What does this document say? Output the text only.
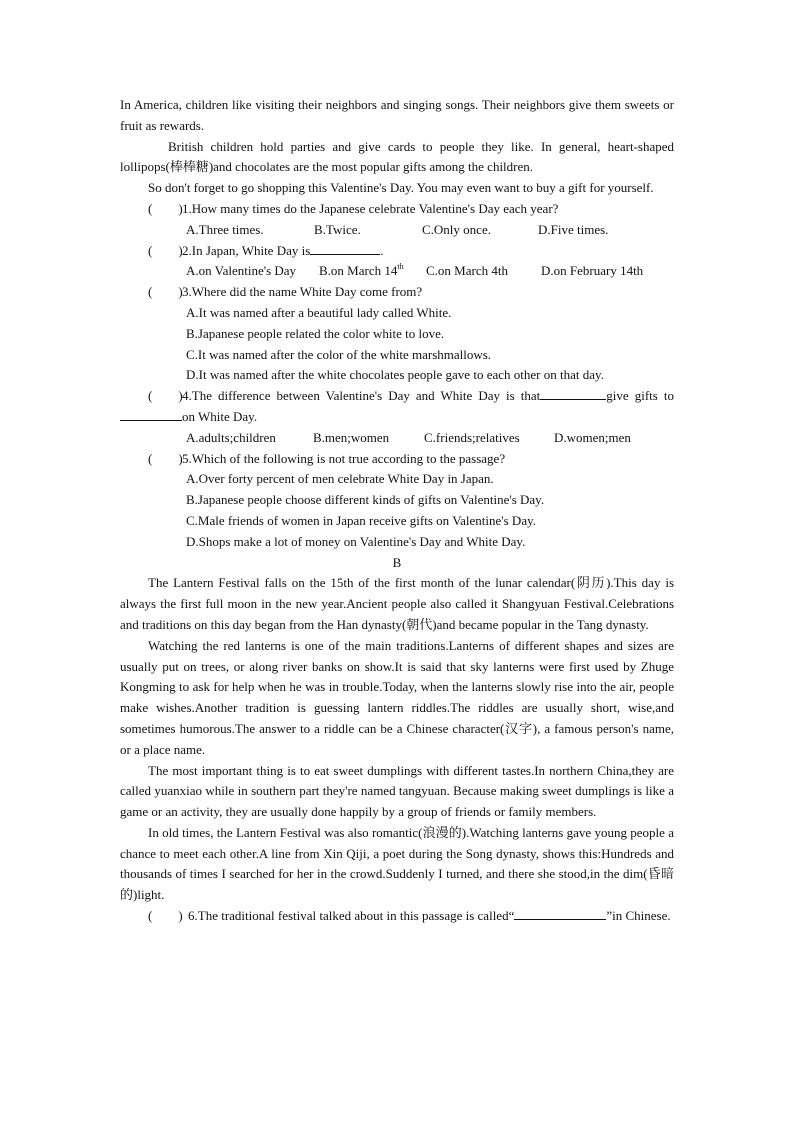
In America, children like visiting their neighbors and singing songs. Their neighbors give them sweets or fruit as rewards.

British children hold parties and give cards to people they like. In general, heart-shaped lollipops(棒棒糖)and chocolates are the most popular gifts among the children.

So don't forget to go shopping this Valentine's Day. You may even want to buy a gift for yourself.

(　　)1.How many times do the Japanese celebrate Valentine's Day each year?

A.Three times.	B.Twice.	C.Only once.	D.Five times.

(　　)2.In Japan, White Day is	.

A.on Valentine's Day B.on March 14th C.on March 4th	D.on February 14th

(　　)3.Where did the name White Day come from?

A.It was named after a beautiful lady called White.

B.Japanese people related the color white to love.

C.It was named after the color of the white marshmallows.

D.It was named after the white chocolates people gave to each other on that day.

(　　)4.The difference between Valentine's Day and White Day is that	give gifts toon White Day.

A.adults;children	B.men;women	C.friends;relatives	D.women;men

(　　)5.Which of the following is not true according to the passage?

A.Over forty percent of men celebrate White Day in Japan.

B.Japanese people choose different kinds of gifts on Valentine's Day.

C.Male friends of women in Japan receive gifts on Valentine's Day.

D.Shops make a lot of money on Valentine's Day and White Day.

B

The Lantern Festival falls on the 15th of the first month of the lunar calendar(阴历).This day is always the first full moon in the new year.Ancient people also called it Shangyuan Festival.Celebrations and traditions on this day began from the Han dynasty(朝代)and became popular in the Tang dynasty.

Watching the red lanterns is one of the main traditions.Lanterns of different shapes and sizes are usually put on trees, or along river banks on show.It is said that sky lanterns were first used by Zhuge Kongming to ask for help when he was in trouble.Today, when the lanterns slowly rise into the air, people make wishes.Another tradition is guessing lantern riddles.The riddles are usually short, wise,and sometimes humorous.The answer to a riddle can be a Chinese character(汉字), a famous person's name, or a place name.

The most important thing is to eat sweet dumplings with different tastes.In northern China,they are called yuanxiao while in southern part they're named tangyuan. Because making sweet dumplings is like a game or an activity, they are usually done happily by a group of friends or family members.

In old times, the Lantern Festival was also romantic(浪漫的).Watching lanterns gave young people a chance to meet each other.A line from Xin Qiji, a poet during the Song dynasty, shows this:Hundreds and thousands of times I searched for her in the crowd.Suddenly I turned, and there she stood,in the dim(昏暗的)light.

(　　) 6.The traditional festival talked about in this passage is called“	”in Chinese.
